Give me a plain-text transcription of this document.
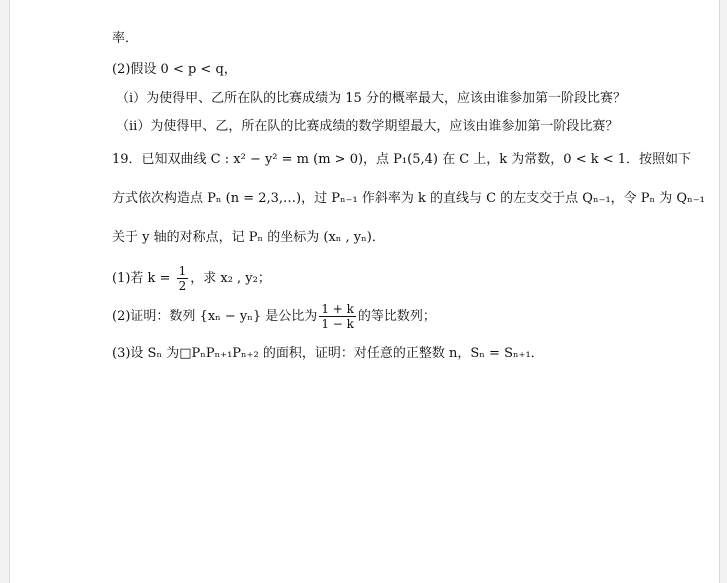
率．
(2)假设 0 < p < q，
（i）为使得甲、乙所在队的比赛成绩为 15 分的概率最大，应该由谁参加第一阶段比赛？
（ii）为使得甲、乙，所在队的比赛成绩的数学期望最大，应该由谁参加第一阶段比赛？
19．已知双曲线 C : x² − y² = m (m > 0)，点 P₁(5,4) 在 C 上，k 为常数，0 < k < 1．按照如下
方式依次构造点 Pₙ (n = 2,3,…)，过 Pₙ₋₁ 作斜率为 k 的直线与 C 的左支交于点 Qₙ₋₁，令 Pₙ 为 Qₙ₋₁
关于 y 轴的对称点，记 Pₙ 的坐标为 (xₙ , yₙ)．
(1)若 $k = \frac{1}{2}$ ，求 x₂ , y₂；
(2)证明：数列 {xₙ − yₙ} 是公比为 $\frac{1 + k}{1 - k}$ 的等比数列；
(3)设 Sₙ 为□PₙPₙ₊₁Pₙ₊₂ 的面积，证明：对任意的正整数 n，Sₙ = Sₙ₊₁．
